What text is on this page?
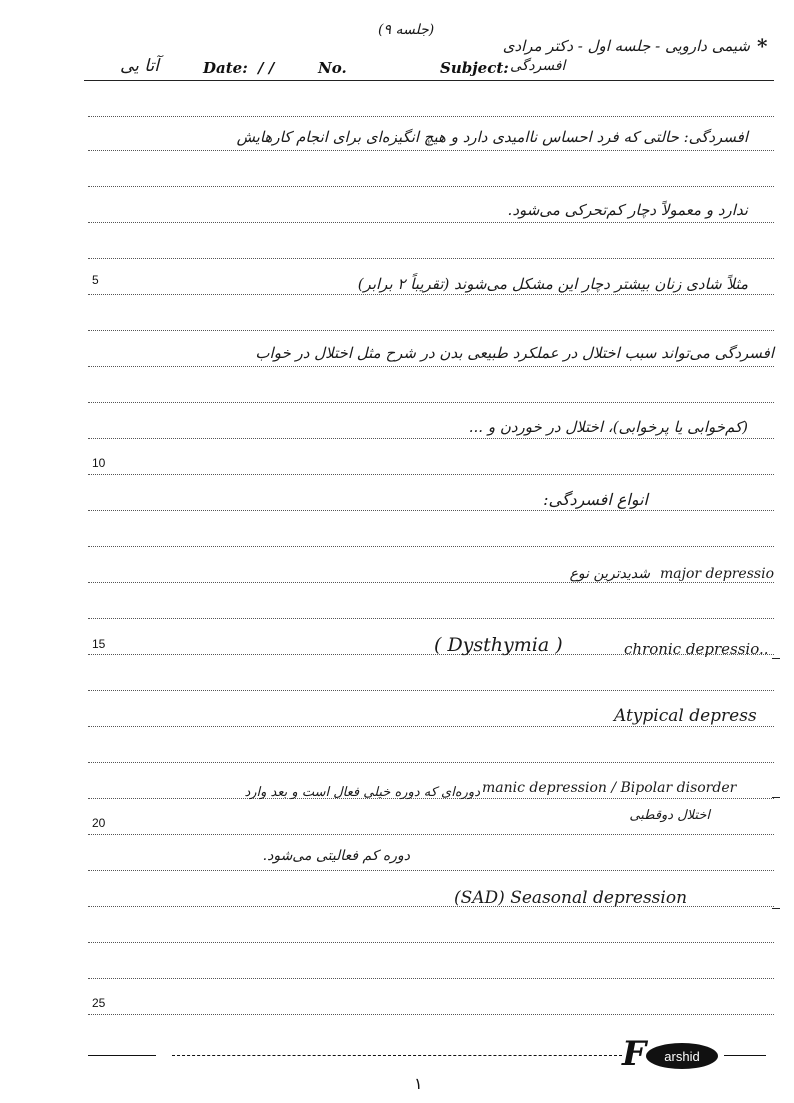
*
شیمی دارویی - جلسه اول - دکتر مرادی
(جلسه ۹)
افسردگی
آتا یی	Date: / /	No.	Subject:
5
10
15
20
25
افسردگی: حالتی که فرد احساس ناامیدی دارد و هیچ انگیزه‌ای برای انجام کارهایش
ندارد و معمولاً دچار کم‌تحرکی می‌شود.
مثلاً شادی زنان بیشتر دچار این مشکل می‌شوند (تقریباً ۲ برابر)
افسردگی می‌تواند سبب اختلال در عملکرد طبیعی بدن در شرح مثل اختلال در خواب
(کم‌خوابی یا پرخوابی)، اختلال در خوردن و ...
انواع افسردگی:
major depressio
شدیدترین نوع
( Dysthymia )	chronic depressio..
Atypical depress
دوره‌ای که دوره خیلی فعال است و بعد وارد manic depression / Bipolar disorder
اختلال دوقطبی
دوره کم فعالیتی می‌شود.
(SAD) Seasonal depression
F arshid
۱
